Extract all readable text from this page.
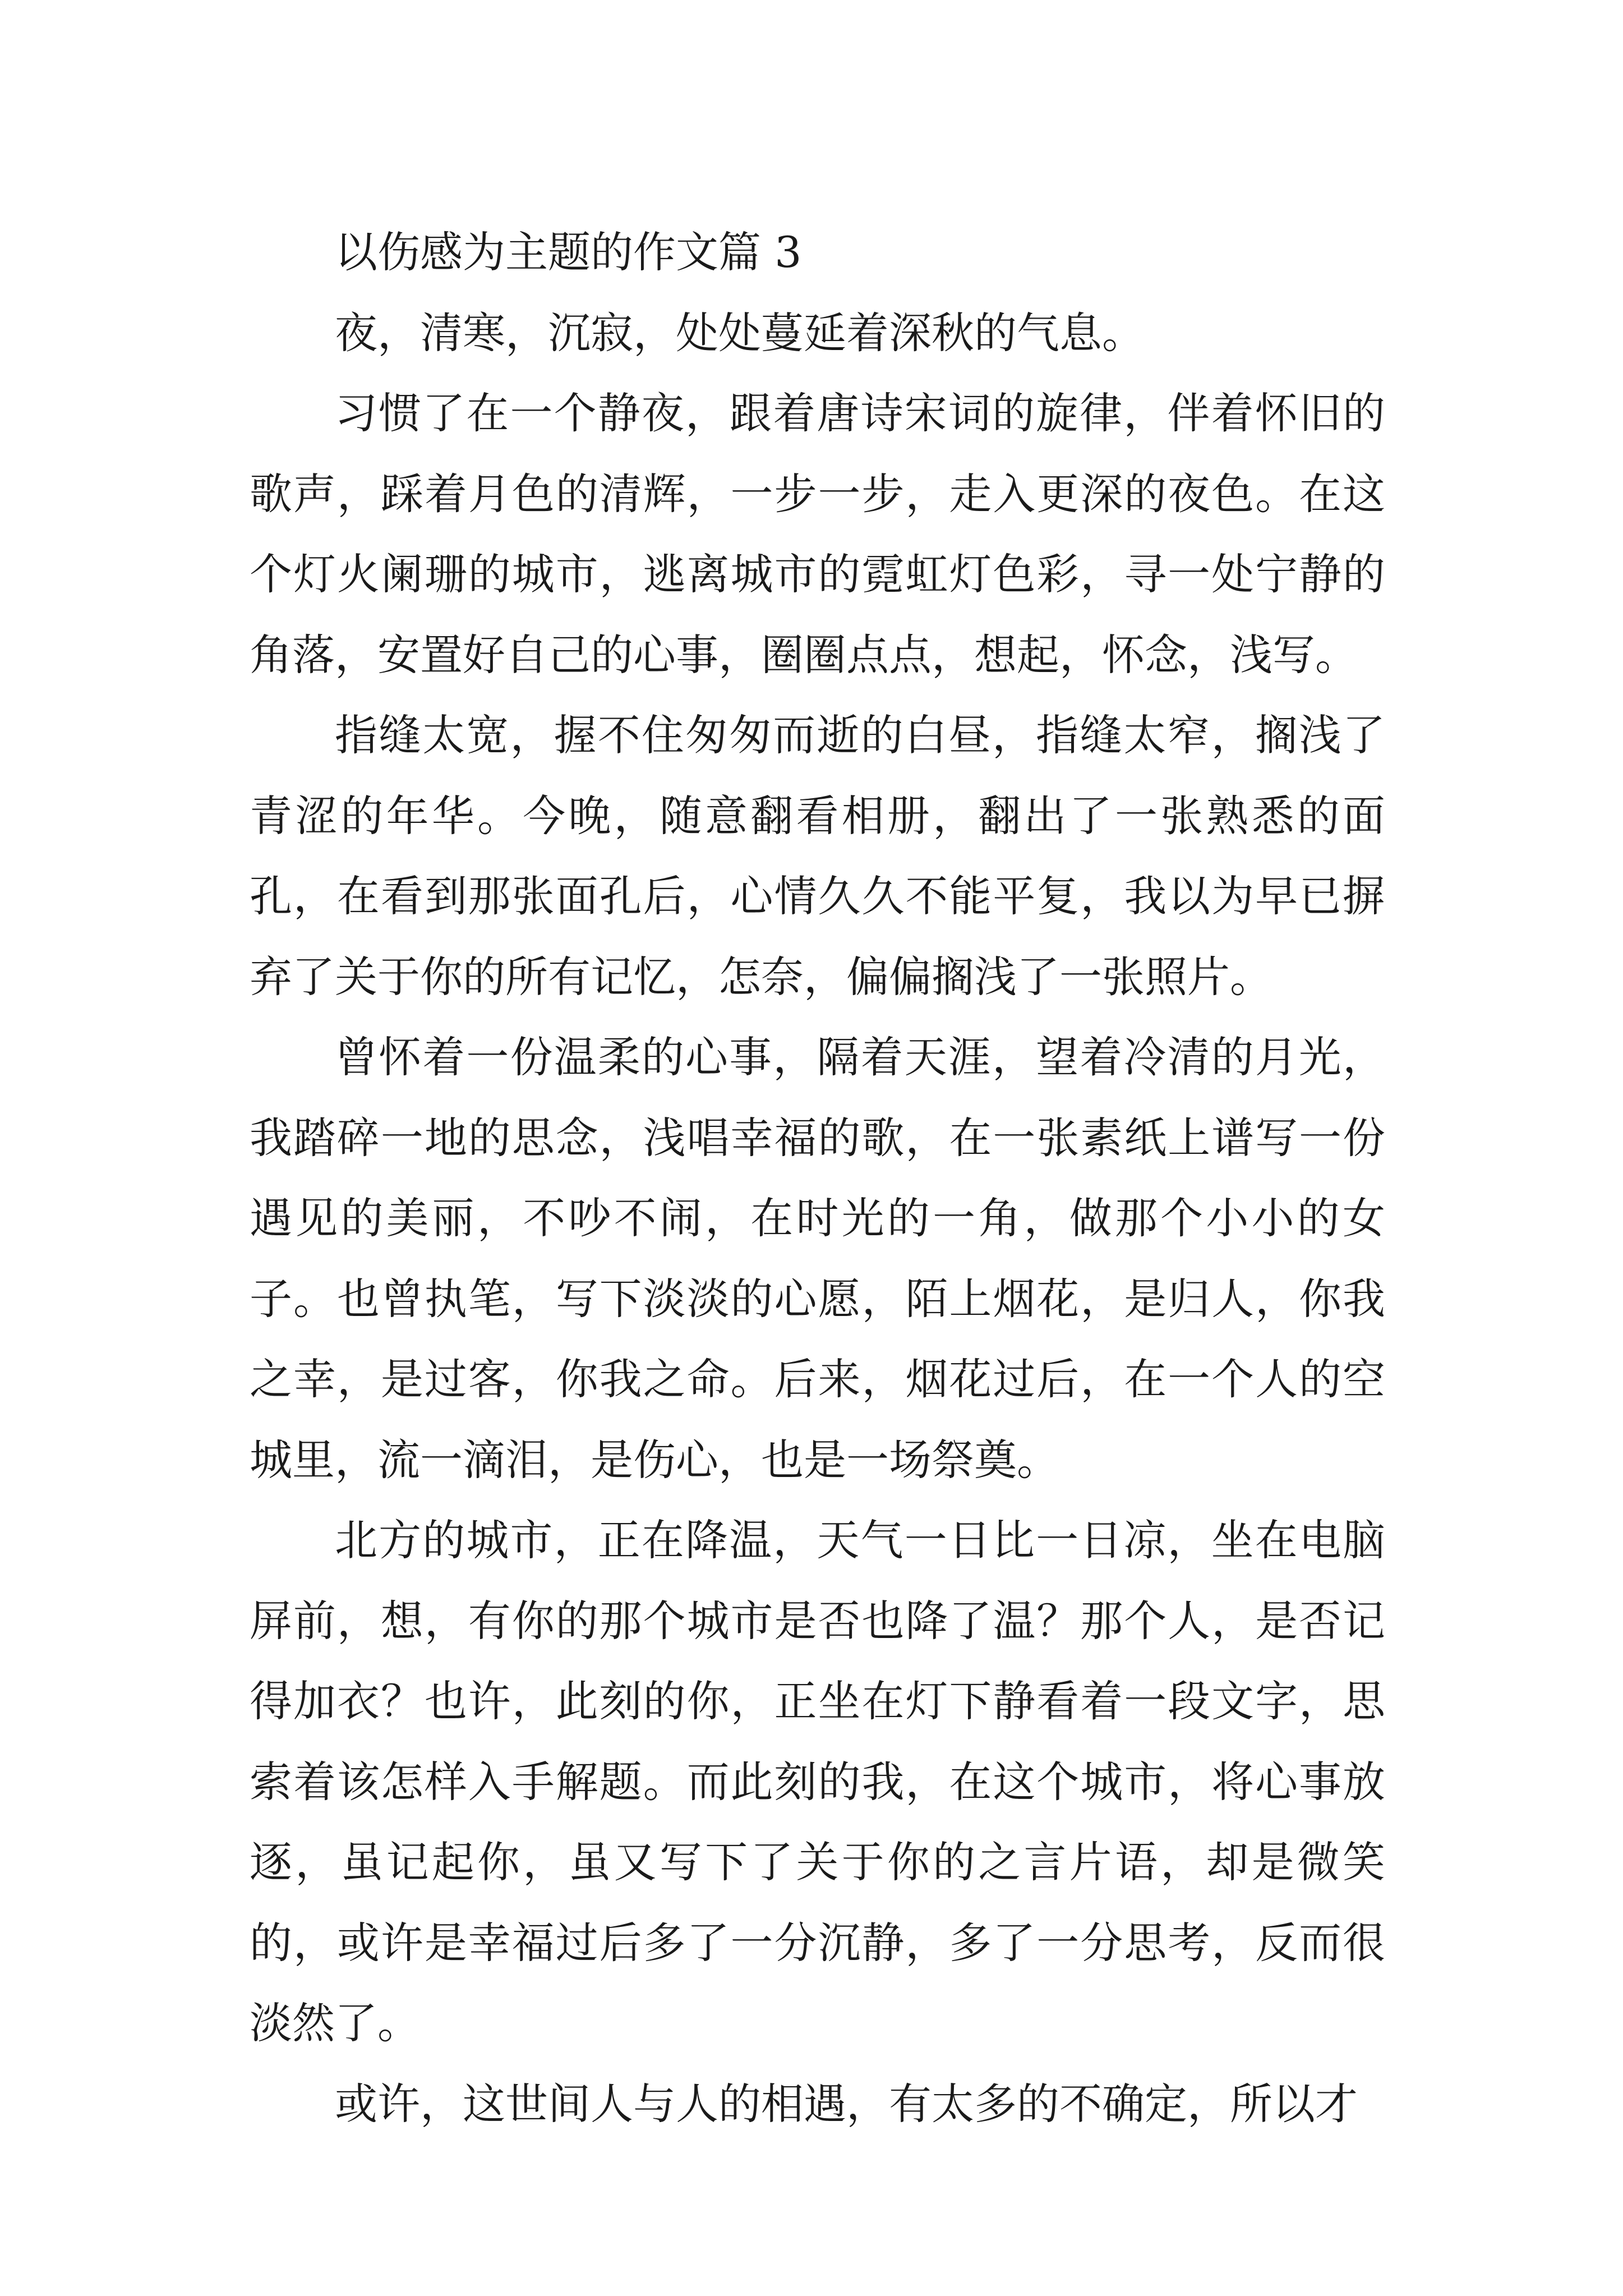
以伤感为主题的作文篇 3

夜，清寒，沉寂，处处蔓延着深秋的气息。

习惯了在一个静夜，跟着唐诗宋词的旋律，伴着怀旧的歌声，踩着月色的清辉，一步一步，走入更深的夜色。在这个灯火阑珊的城市，逃离城市的霓虹灯色彩，寻一处宁静的角落，安置好自己的心事，圈圈点点，想起，怀念，浅写。

指缝太宽，握不住匆匆而逝的白昼，指缝太窄，搁浅了青涩的年华。今晚，随意翻看相册，翻出了一张熟悉的面孔，在看到那张面孔后，心情久久不能平复，我以为早已摒弃了关于你的所有记忆，怎奈，偏偏搁浅了一张照片。

曾怀着一份温柔的心事，隔着天涯，望着冷清的月光，我踏碎一地的思念，浅唱幸福的歌，在一张素纸上谱写一份遇见的美丽，不吵不闹，在时光的一角，做那个小小的女子。也曾执笔，写下淡淡的心愿，陌上烟花，是归人，你我之幸，是过客，你我之命。后来，烟花过后，在一个人的空城里，流一滴泪，是伤心，也是一场祭奠。

北方的城市，正在降温，天气一日比一日凉，坐在电脑屏前，想，有你的那个城市是否也降了温？那个人，是否记得加衣？也许，此刻的你，正坐在灯下静看着一段文字，思索着该怎样入手解题。而此刻的我，在这个城市，将心事放逐，虽记起你，虽又写下了关于你的之言片语，却是微笑的，或许是幸福过后多了一分沉静，多了一分思考，反而很淡然了。

或许，这世间人与人的相遇，有太多的不确定，所以才
